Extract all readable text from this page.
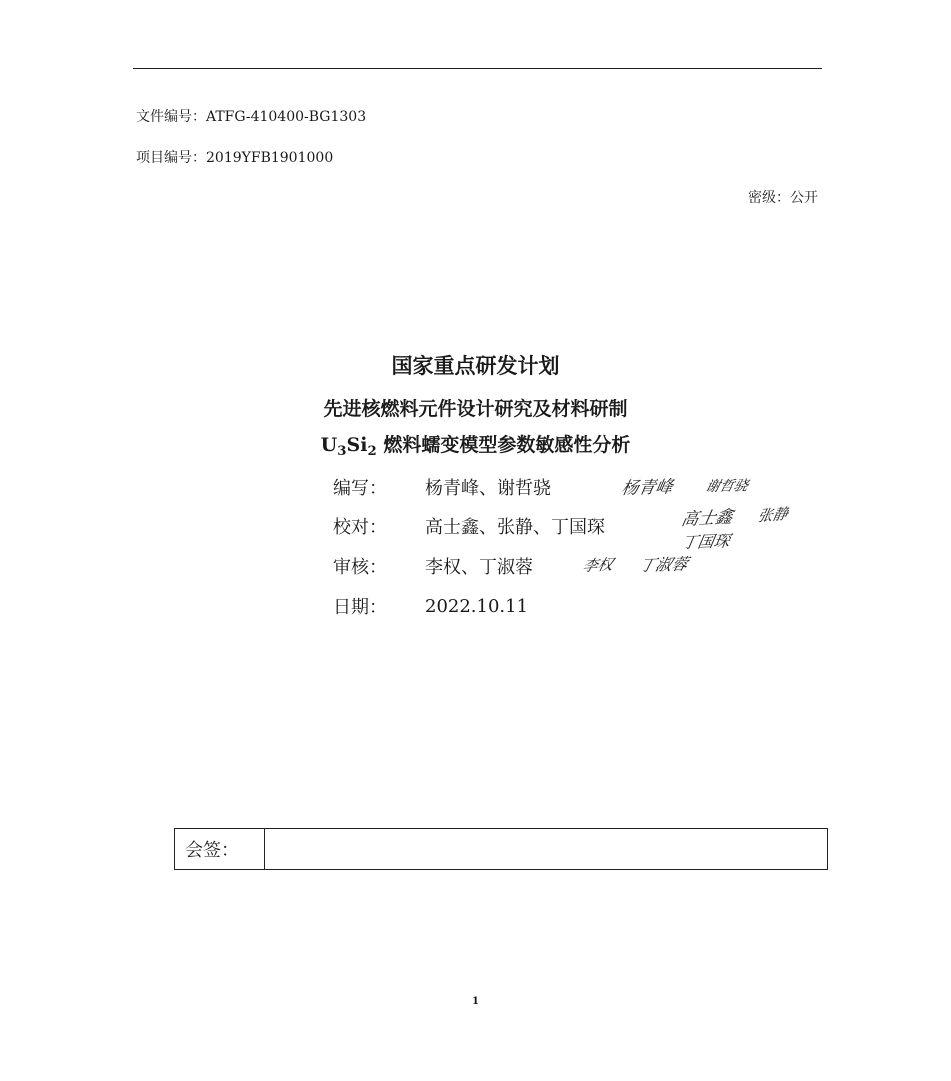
文件编号：ATFG-410400-BG1303
项目编号：2019YFB1901000
密级：公开
国家重点研发计划
先进核燃料元件设计研究及材料研制
$U_3Si_2$ 燃料蠕变模型参数敏感性分析
编写：	杨青峰、谢哲骁	杨青峰 谢哲骁
校对：	高士鑫、张静、丁国琛	高士鑫 张静
丁国琛
审核：	李权、丁淑蓉	李权 丁淑蓉
日期：	2022.10.11
会签：
1
